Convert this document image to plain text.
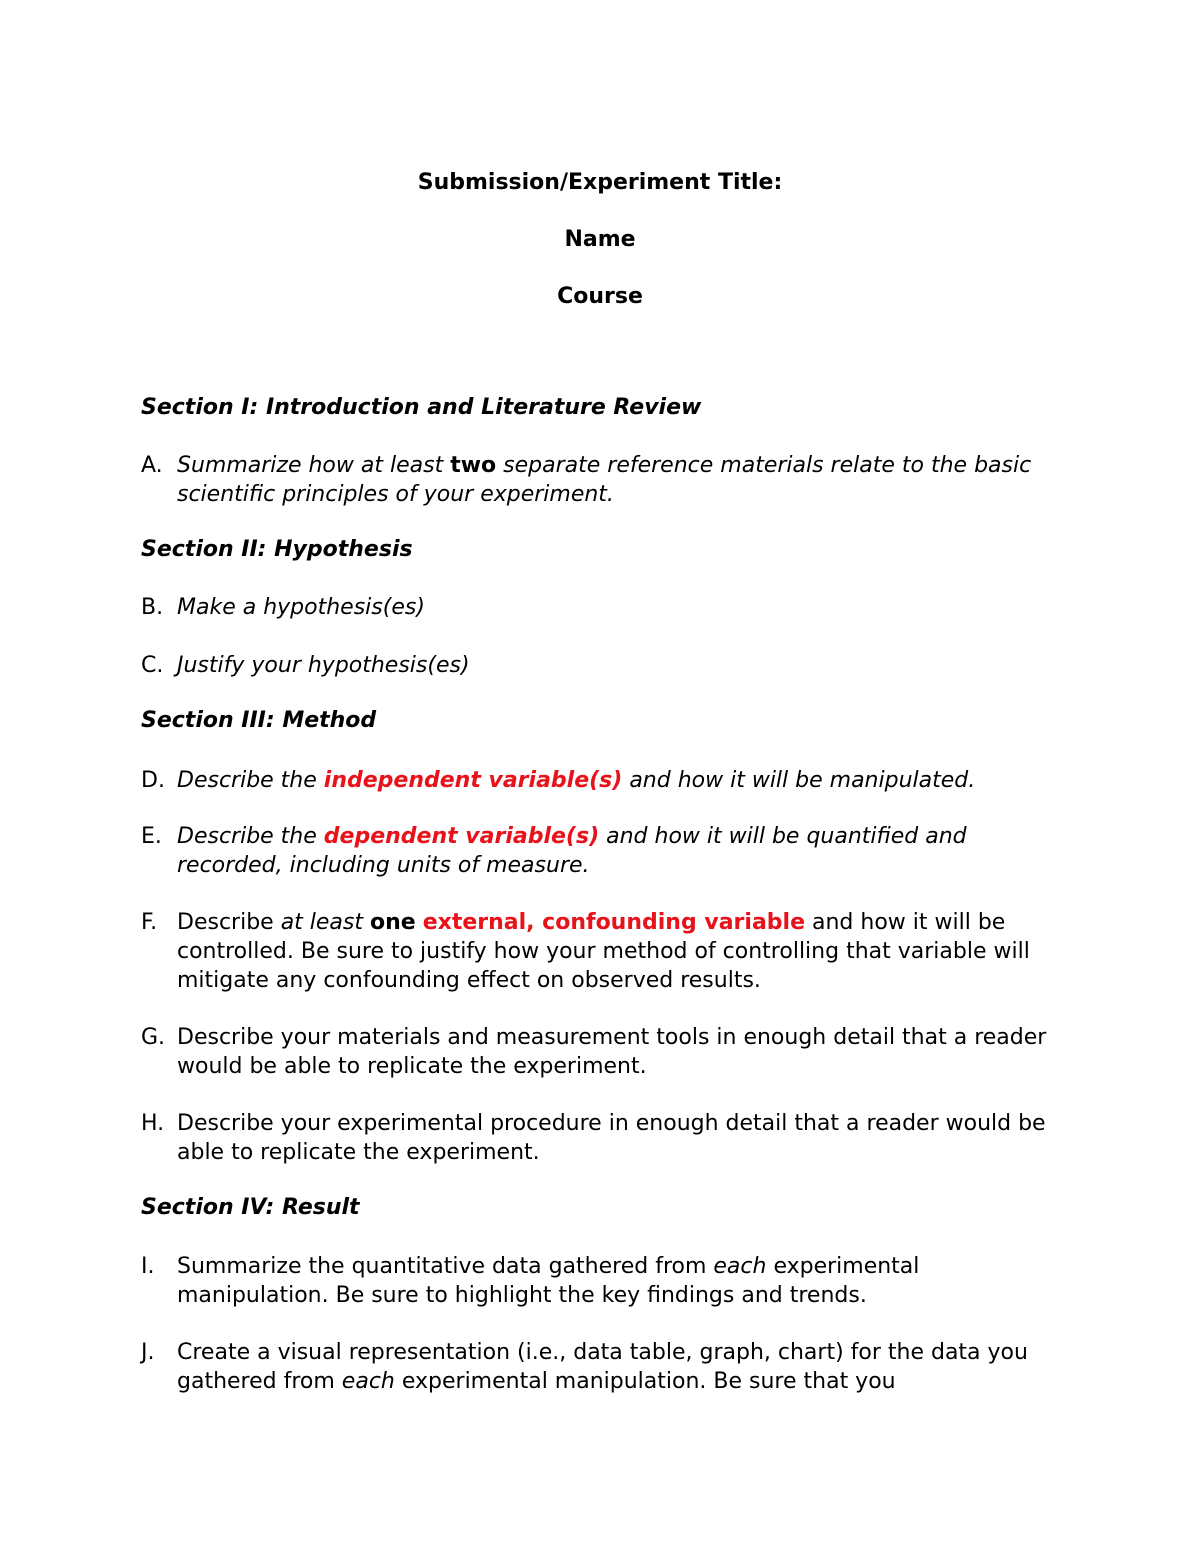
Submission/Experiment Title:
Name
Course
Section I: Introduction and Literature Review
A. Summarize how at least two separate reference materials relate to the basic scientific principles of your experiment.
Section II: Hypothesis
B. Make a hypothesis(es)
C. Justify your hypothesis(es)
Section III: Method
D. Describe the independent variable(s) and how it will be manipulated.
E. Describe the dependent variable(s) and how it will be quantified and recorded, including units of measure.
F. Describe at least one external, confounding variable and how it will be controlled. Be sure to justify how your method of controlling that variable will mitigate any confounding effect on observed results.
G. Describe your materials and measurement tools in enough detail that a reader would be able to replicate the experiment.
H. Describe your experimental procedure in enough detail that a reader would be able to replicate the experiment.
Section IV: Result
I.	Summarize the quantitative data gathered from each experimental manipulation. Be sure to highlight the key findings and trends.
J.	Create a visual representation (i.e., data table, graph, chart) for the data you gathered from each experimental manipulation. Be sure that you
